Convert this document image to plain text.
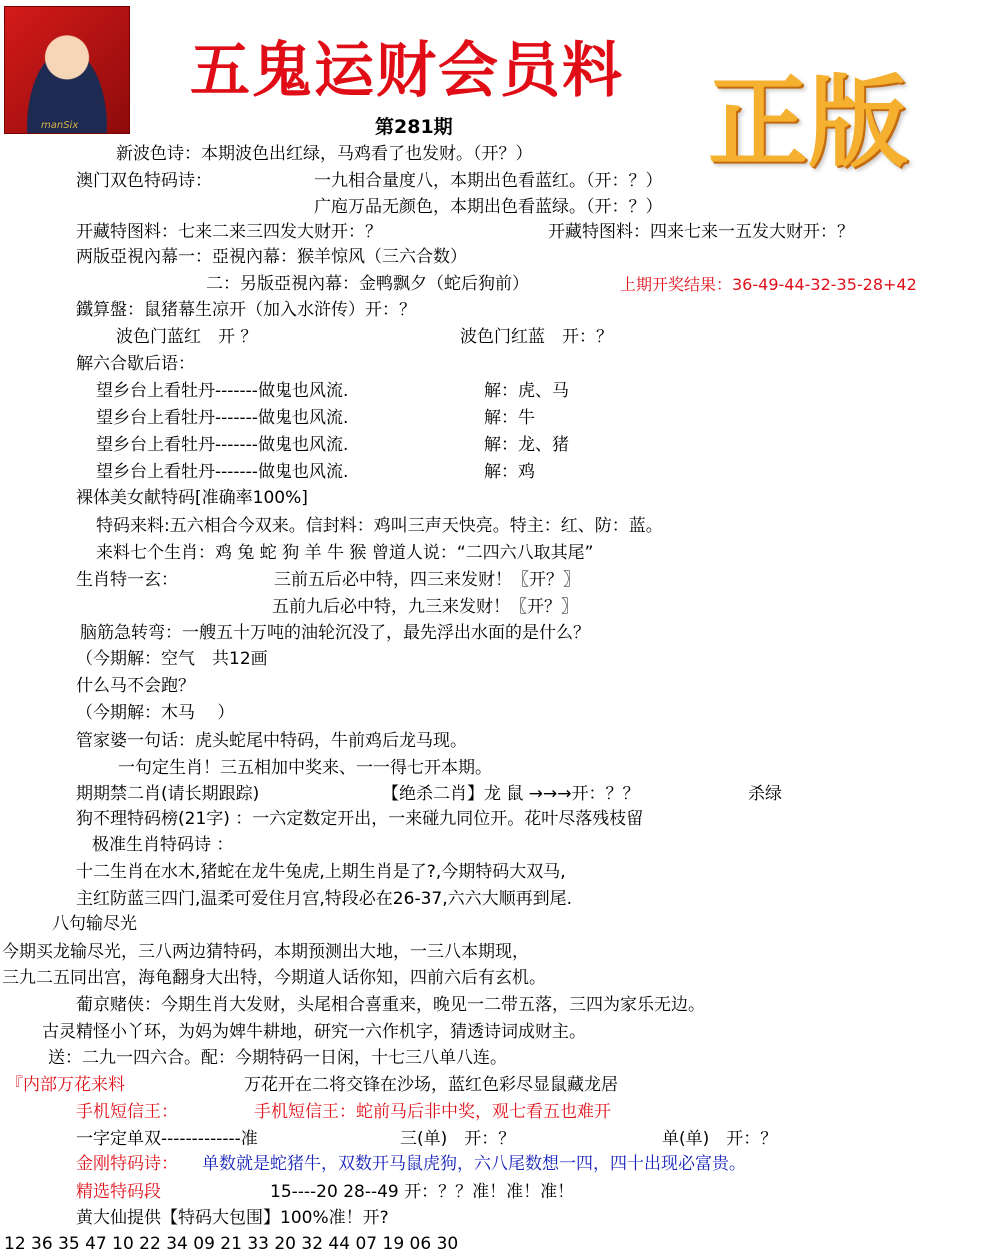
manSix
五鬼运财会员料 正版
第281期
新波色诗：本期波色出红绿，马鸡看了也发财。（开？）
澳门双色特码诗：	一九相合量度八，本期出色看蓝红。（开：？）
广庖万品无颜色，本期出色看蓝绿。（开：？）
开藏特图料：七来二来三四发大财开：？	开藏特图料：四来七来一五发大财开：？
两版亞視內幕一：亞視內幕：猴羊惊风（三六合数）
二：另版亞視內幕：金鸭飘夕（蛇后狗前）	上期开奖结果：36-49-44-32-35-28+42
鐵算盤：鼠猪幕生凉开（加入水浒传）开：？
波色门蓝红　开 ？	波色门红蓝　开：？
解六合歇后语：
望乡台上看牡丹-------做鬼也风流.	解：虎、马
望乡台上看牡丹-------做鬼也风流.	解：牛
望乡台上看牡丹-------做鬼也风流.	解：龙、猪
望乡台上看牡丹-------做鬼也风流.	解：鸡
裸体美女献特码[准确率100%]
特码来料:五六相合今双来。信封料：鸡叫三声天快亮。特主：红、防：蓝。
来料七个生肖：鸡 兔 蛇 狗 羊 牛 猴 曾道人说：“二四六八取其尾”
生肖特一玄：	三前五后必中特，四三来发财！〖开？〗
五前九后必中特，九三来发财！〖开？〗
脑筋急转弯：一艘五十万吨的油轮沉没了，最先浮出水面的是什么？
（今期解：空气　共12画
什么马不会跑？
（今期解：木马　 ）
管家婆一句话：虎头蛇尾中特码，牛前鸡后龙马现。
一句定生肖！三五相加中奖来、一一得七开本期。
期期禁二肖(请长期跟踪)	【绝杀二肖】龙 鼠 →→→开：？？	杀绿
狗不理特码榜(21字) ：一六定数定开出，一来碰九同位开。花叶尽落残枝留
极准生肖特码诗 ：
十二生肖在水木,猪蛇在龙牛兔虎,上期生肖是了?,今期特码大双马,
主红防蓝三四门,温柔可爱住月宫,特段必在26-37,六六大顺再到尾.
八句输尽光
今期买龙输尽光，三八两边猜特码，本期预测出大地，一三八本期现，
三九二五同出宫，海龟翻身大出特，今期道人话你知，四前六后有玄机。
葡京赌侠：今期生肖大发财，头尾相合喜重来，晚见一二带五落，三四为家乐无边。
古灵精怪小丫环，为妈为婢牛耕地，研究一六作机字，猜透诗词成财主。
送：二九一四六合。配：今期特码一日闲，十七三八单八连。
『内部万花来料	万花开在二将交锋在沙场，蓝红色彩尽显鼠藏龙居
手机短信王：	手机短信王：蛇前马后非中奖，观七看五也难开
一字定单双-------------准	三(单)　开：？	单(单)　开：？
金刚特码诗： 单数就是蛇猪牛，双数开马鼠虎狗，六八尾数想一四，四十出现必富贵。
精选特码段	15----20 28--49 开：？？准！准！准！
黄大仙提供【特码大包围】100%准！开?
12 36 35 47 10 22 34 09 21 33 20 32 44 07 19 06 30
